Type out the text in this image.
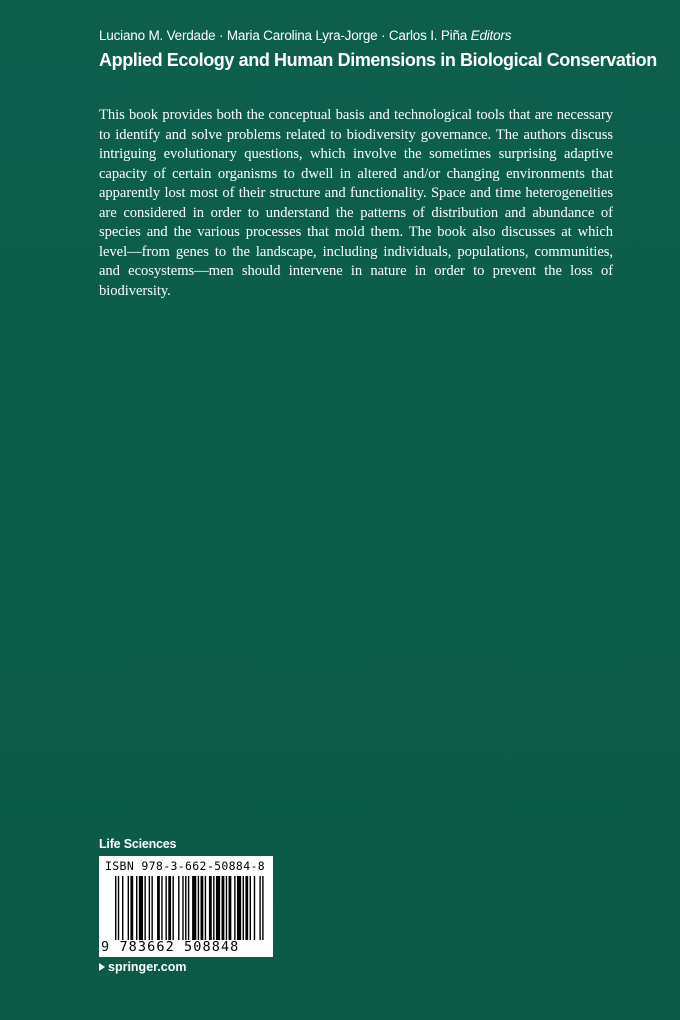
Luciano M. Verdade · Maria Carolina Lyra-Jorge · Carlos I. Piña Editors
Applied Ecology and Human Dimensions in Biological Conservation

This book provides both the conceptual basis and technological tools that are necessary to identify and solve problems related to biodiversity governance. The authors discuss intriguing evolutionary questions, which involve the sometimes surprising adaptive capacity of certain organisms to dwell in altered and/or changing environments that apparently lost most of their structure and functionality. Space and time heterogeneities are considered in order to understand the patterns of distribution and abundance of species and the various processes that mold them. The book also discusses at which level—from genes to the landscape, including individuals, populations, communities, and ecosystems—men should intervene in nature in order to prevent the loss of biodiversity.

Life Sciences
ISBN 978-3-662-50884-8
9 783662 508848
springer.com
